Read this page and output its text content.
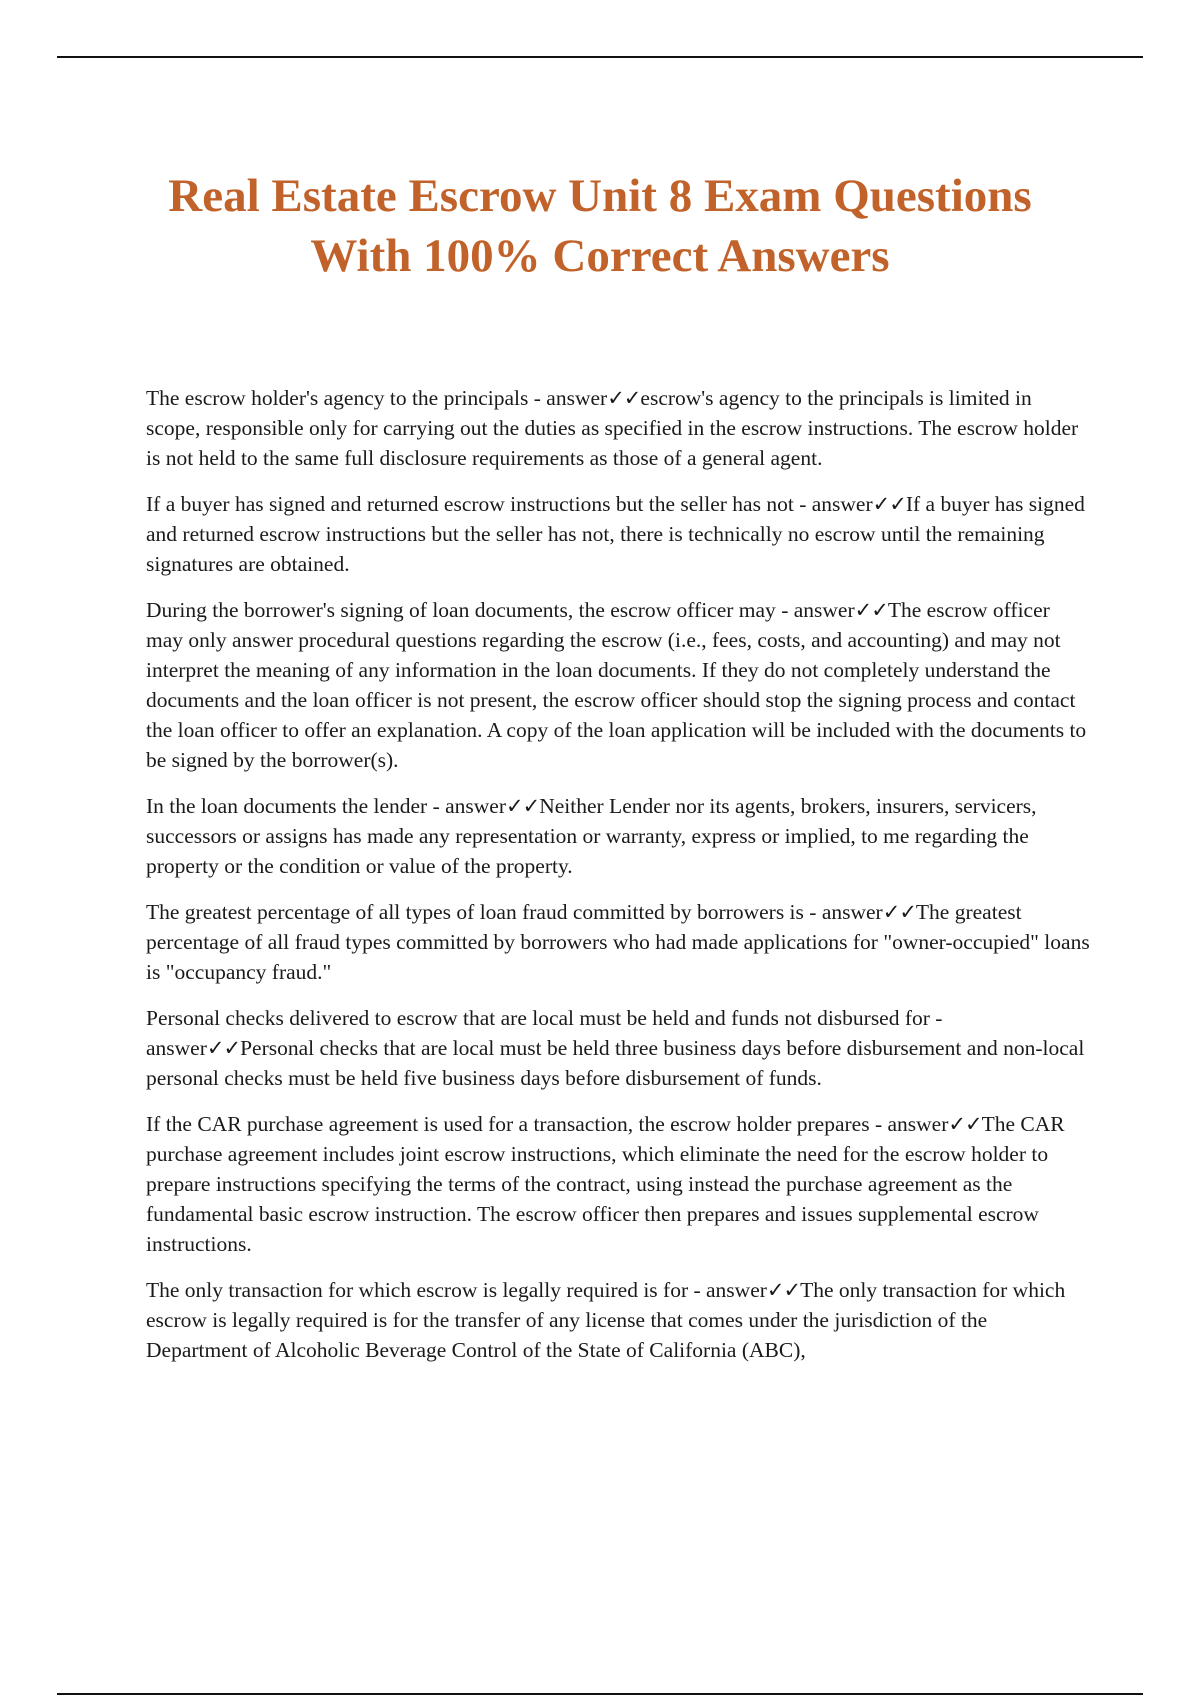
Real Estate Escrow Unit 8 Exam Questions With 100% Correct Answers

The escrow holder's agency to the principals - answer✓✓escrow's agency to the principals is limited in scope, responsible only for carrying out the duties as specified in the escrow instructions. The escrow holder is not held to the same full disclosure requirements as those of a general agent.

If a buyer has signed and returned escrow instructions but the seller has not - answer✓✓If a buyer has signed and returned escrow instructions but the seller has not, there is technically no escrow until the remaining signatures are obtained.

During the borrower's signing of loan documents, the escrow officer may - answer✓✓The escrow officer may only answer procedural questions regarding the escrow (i.e., fees, costs, and accounting) and may not interpret the meaning of any information in the loan documents. If they do not completely understand the documents and the loan officer is not present, the escrow officer should stop the signing process and contact the loan officer to offer an explanation. A copy of the loan application will be included with the documents to be signed by the borrower(s).

In the loan documents the lender - answer✓✓Neither Lender nor its agents, brokers, insurers, servicers, successors or assigns has made any representation or warranty, express or implied, to me regarding the property or the condition or value of the property.

The greatest percentage of all types of loan fraud committed by borrowers is - answer✓✓The greatest percentage of all fraud types committed by borrowers who had made applications for "owner-occupied" loans is "occupancy fraud."

Personal checks delivered to escrow that are local must be held and funds not disbursed for - answer✓✓Personal checks that are local must be held three business days before disbursement and non-local personal checks must be held five business days before disbursement of funds.

If the CAR purchase agreement is used for a transaction, the escrow holder prepares - answer✓✓The CAR purchase agreement includes joint escrow instructions, which eliminate the need for the escrow holder to prepare instructions specifying the terms of the contract, using instead the purchase agreement as the fundamental basic escrow instruction. The escrow officer then prepares and issues supplemental escrow instructions.

The only transaction for which escrow is legally required is for - answer✓✓The only transaction for which escrow is legally required is for the transfer of any license that comes under the jurisdiction of the Department of Alcoholic Beverage Control of the State of California (ABC),
